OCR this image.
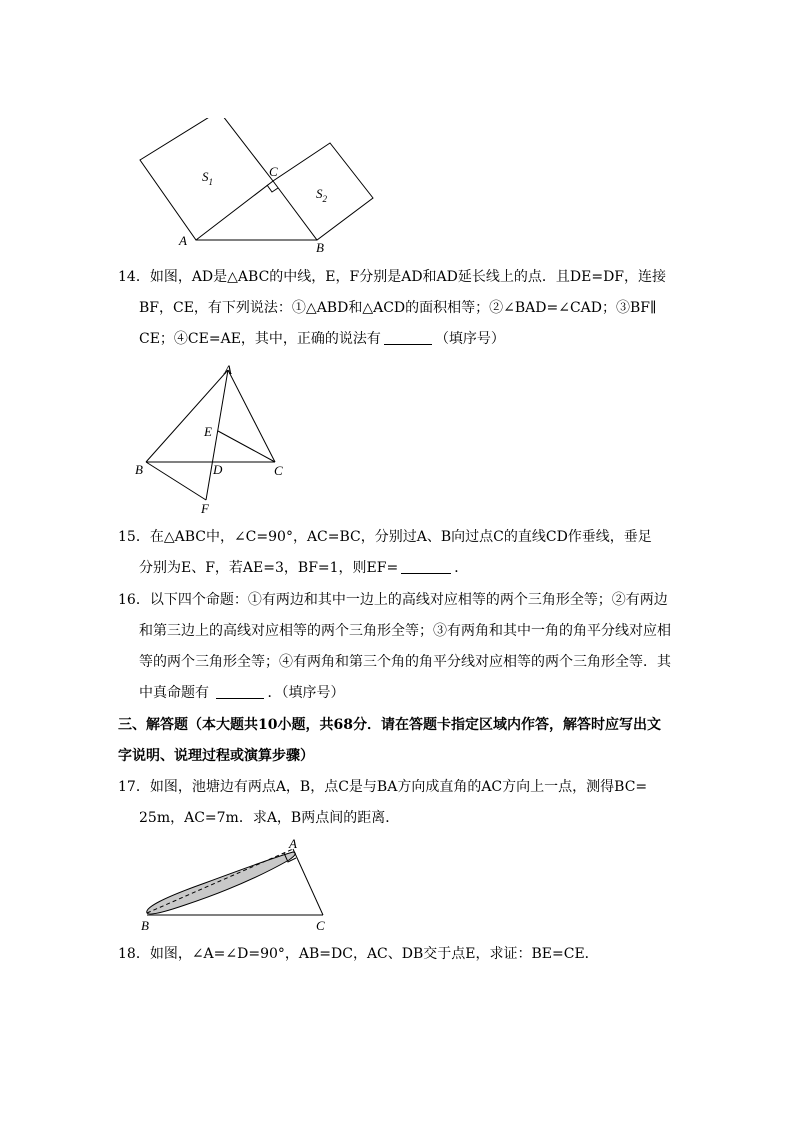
$S_1$
$S_2$
C
A	B

14．如图，AD是△ABC的中线，E，F分别是AD和AD延长线上的点．且DE=DF，连接

BF，CE，有下列说法：①△ABD和△ACD的面积相等；②∠BAD=∠CAD；③BF∥

CE；④CE=AE，其中，正确的说法有	（填序号）

A
E
B	D	C
F

15．在△ABC中，∠C=90°，AC=BC，分别过A、B向过点C的直线CD作垂线，垂足

分别为E、F，若AE=3，BF=1，则EF=	．

16．以下四个命题：①有两边和其中一边上的高线对应相等的两个三角形全等；②有两边

和第三边上的高线对应相等的两个三角形全等；③有两角和其中一角的角平分线对应相

等的两个三角形全等；④有两角和第三个角的角平分线对应相等的两个三角形全等．其

中真命题有	．（填序号）

三、解答题（本大题共10小题，共68分．请在答题卡指定区域内作答，解答时应写出文

字说明、说理过程或演算步骤）

17．如图，池塘边有两点A，B，点C是与BA方向成直角的AC方向上一点，测得BC=

25m，AC=7m．求A，B两点间的距离．

A
B	C

18．如图，∠A=∠D=90°，AB=DC，AC、DB交于点E，求证：BE=CE．
